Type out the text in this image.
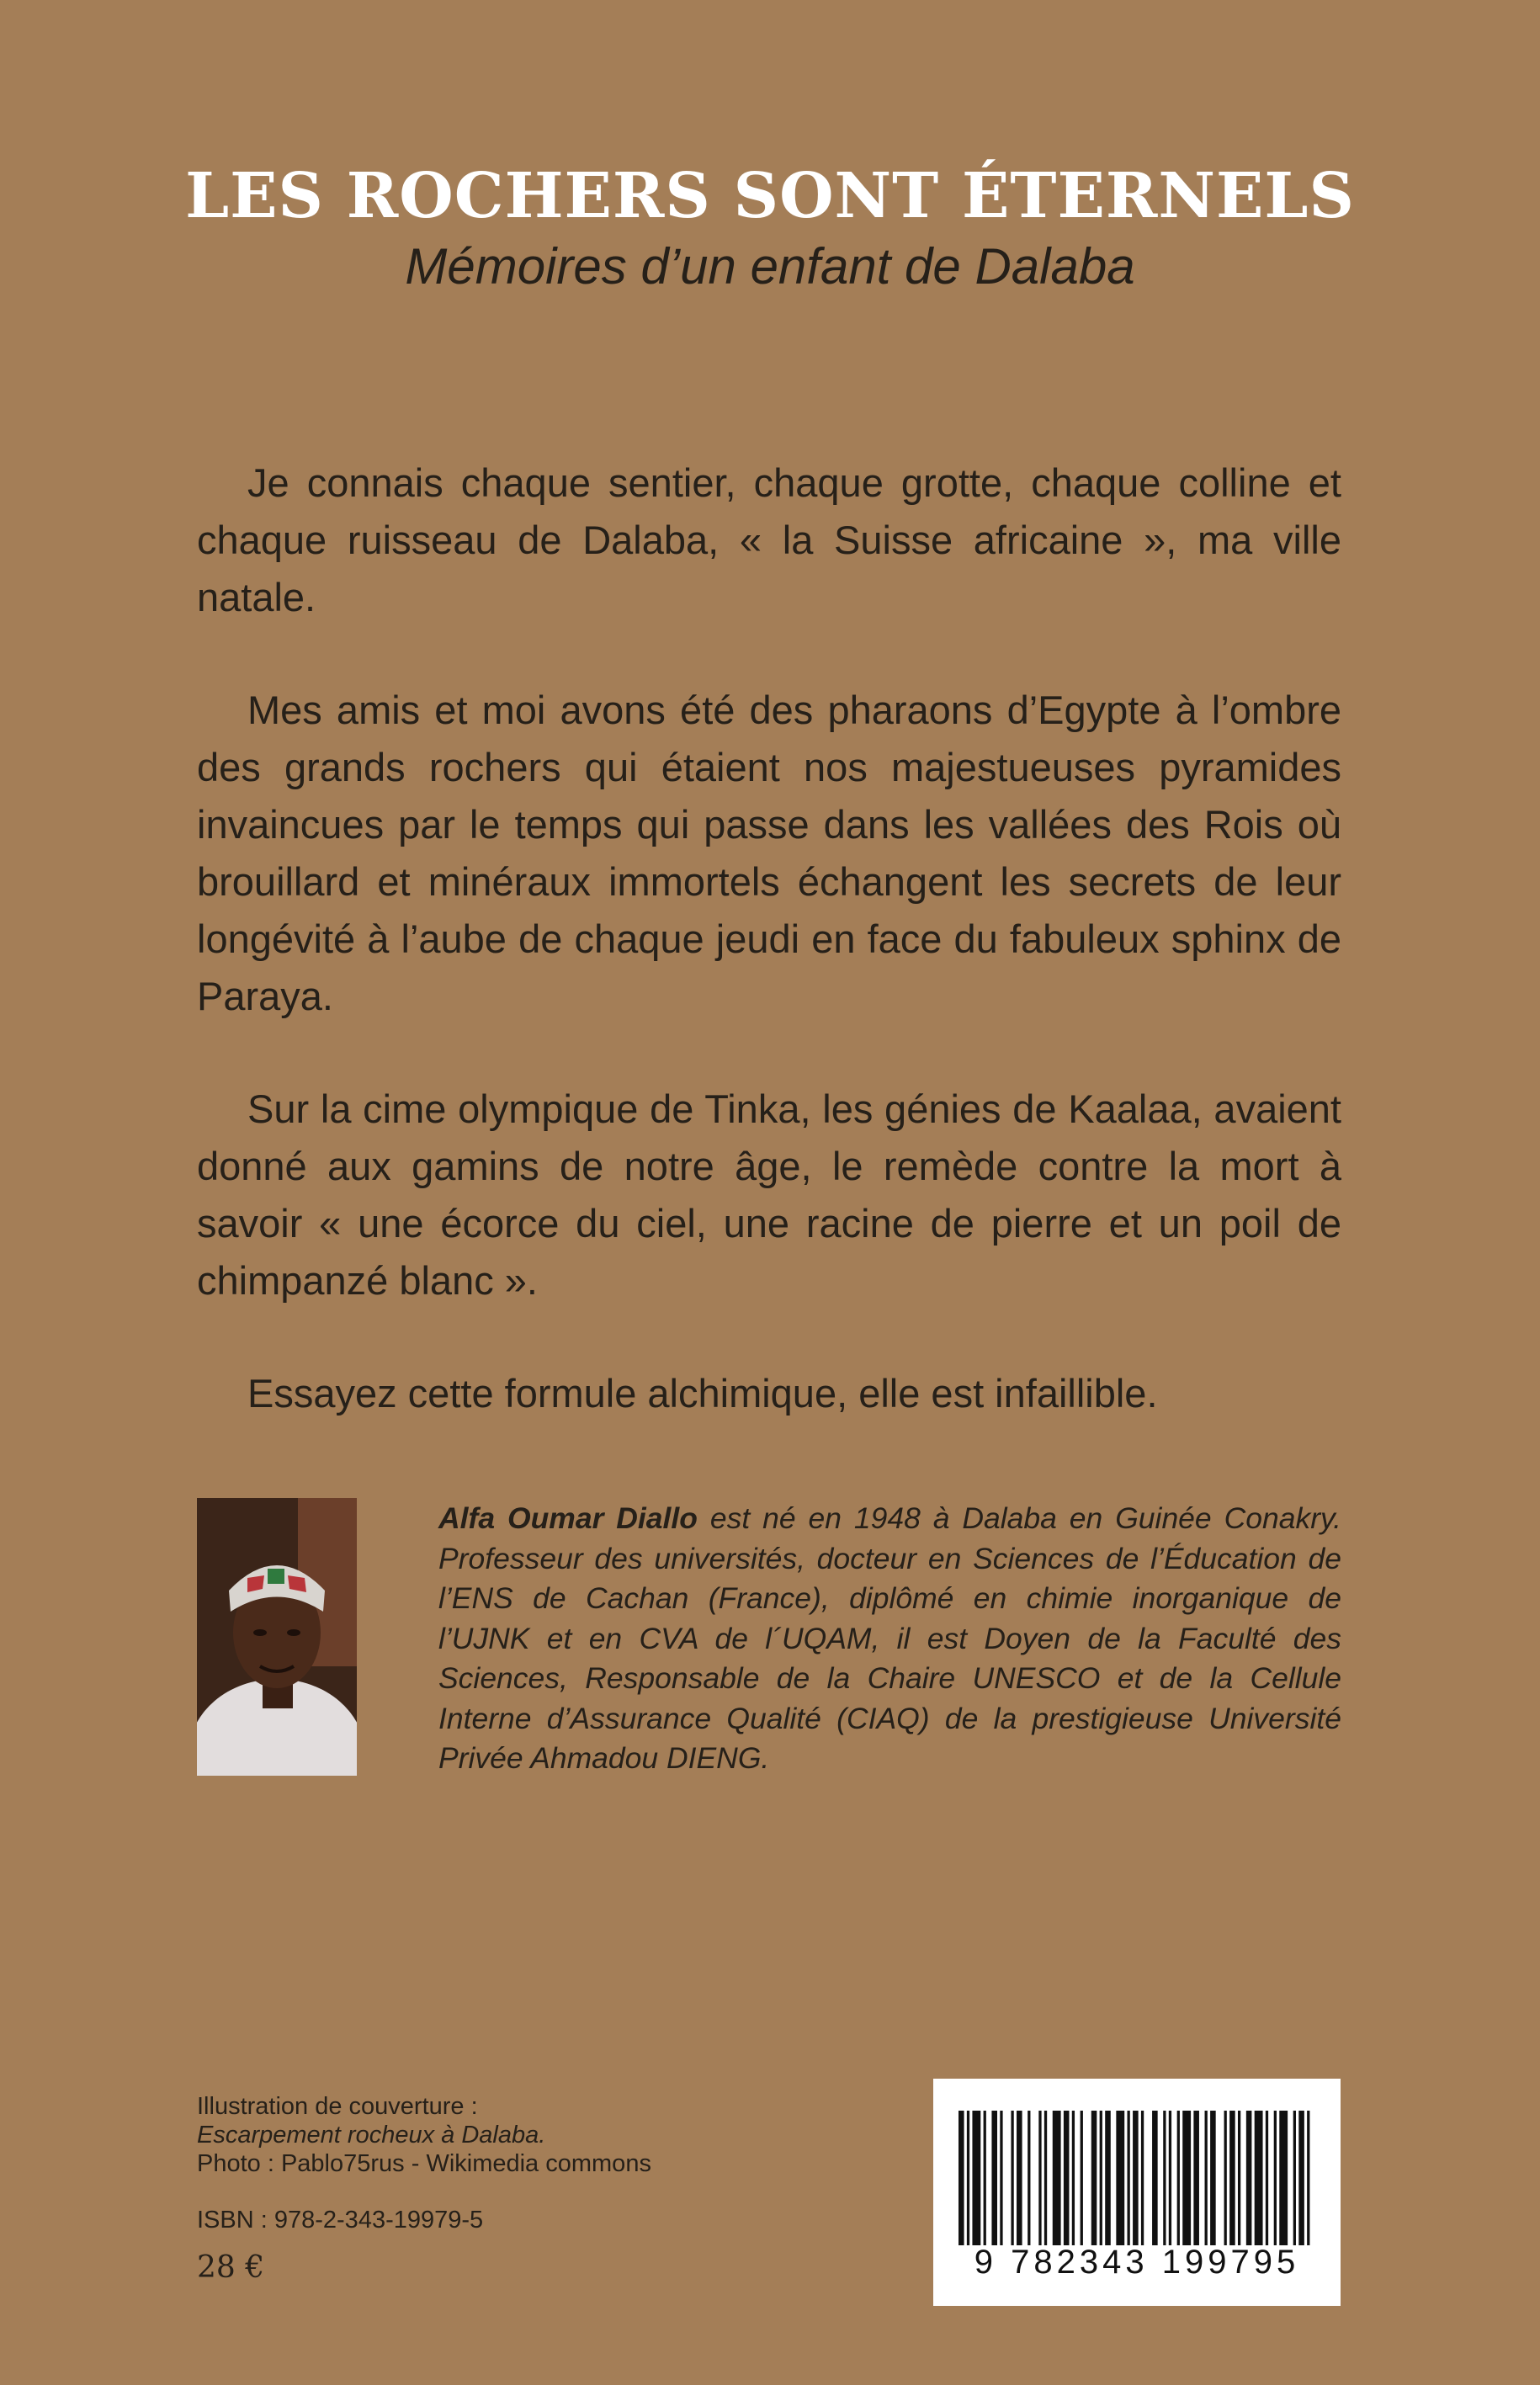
LES ROCHERS SONT ÉTERNELS
Mémoires d’un enfant de Dalaba

Je connais chaque sentier, chaque grotte, chaque colline et chaque ruisseau de Dalaba, « la Suisse africaine », ma ville natale.

Mes amis et moi avons été des pharaons d’Egypte à l’ombre des grands rochers qui étaient nos majestueuses pyramides invaincues par le temps qui passe dans les vallées des Rois où brouillard et minéraux immortels échangent les secrets de leur longévité à l’aube de chaque jeudi en face du fabuleux sphinx de Paraya.

Sur la cime olympique de Tinka, les génies de Kaalaa, avaient donné aux gamins de notre âge, le remède contre la mort à savoir « une écorce du ciel, une racine de pierre et un poil de chimpanzé blanc ».

Essayez cette formule alchimique, elle est infaillible.

Alfa Oumar Diallo est né en 1948 à Dalaba en Guinée Conakry. Professeur des universités, docteur en Sciences de l’Éducation de l’ENS de Cachan (France), diplômé en chimie inorganique de l’UJNK et en CVA de l´UQAM, il est Doyen de la Faculté des Sciences, Responsable de la Chaire UNESCO et de la Cellule Interne d’Assurance Qualité (CIAQ) de la prestigieuse Université Privée Ahmadou DIENG.

Illustration de couverture :
Escarpement rocheux à Dalaba.
Photo : Pablo75rus - Wikimedia commons
ISBN : 978-2-343-19979-5
28 €	9 782343 199795
